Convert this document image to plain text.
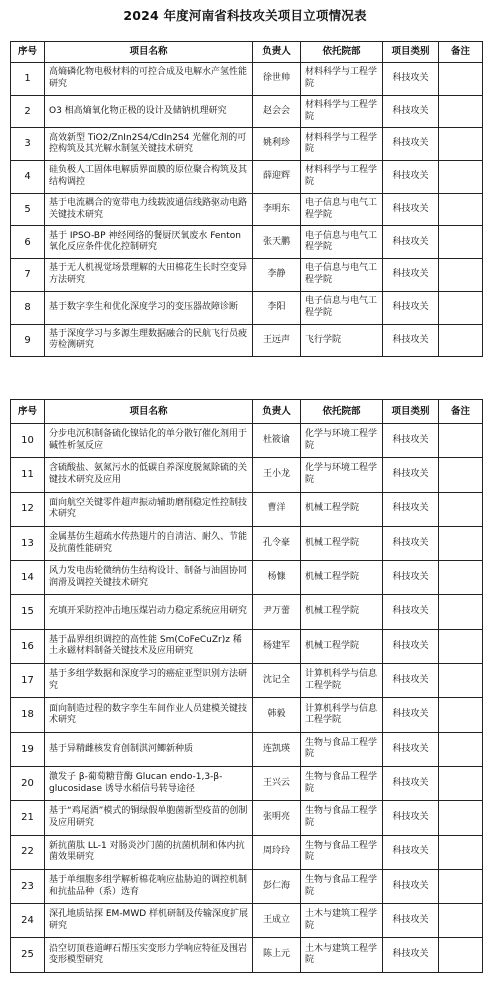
2024 年度河南省科技攻关项目立项情况表
序号	项目名称	负责人	依托院部	项目类别	备注
1	高熵磷化物电极材料的可控合成及电解水产氢性能研究	徐世帅	材料科学与工程学院	科技攻关	
2	O3 相高熵氧化物正极的设计及储钠机理研究	赵会会	材料科学与工程学院	科技攻关	
3	高效新型 TiO2/ZnIn2S4/CdIn2S4 光催化剂的可控构筑及其光解水制氢关键技术研究	姚利珍	材料科学与工程学院	科技攻关	
4	硅负极人工固体电解质界面膜的原位聚合构筑及其结构调控	薛迎辉	材料科学与工程学院	科技攻关	
5	基于电流耦合的宽带电力线载波通信线路驱动电路关键技术研究	李明东	电子信息与电气工程学院	科技攻关	
6	基于 IPSO-BP 神经网络的餐厨厌氧废水 Fenton 氧化反应条件优化控制研究	张天鹏	电子信息与电气工程学院	科技攻关	
7	基于无人机视觉场景理解的大田棉花生长时空变异方法研究	李静	电子信息与电气工程学院	科技攻关	
8	基于数字孪生和优化深度学习的变压器故障诊断	李阳	电子信息与电气工程学院	科技攻关	
9	基于深度学习与多源生理数据融合的民航飞行员疲劳检测研究	王远声	飞行学院	科技攻关	
序号	项目名称	负责人	依托院部	项目类别	备注
10	分步电沉积制备硫化镍钴化的单分散钌催化剂用于碱性析氢反应	杜筱谕	化学与环境工程学院	科技攻关	
11	含硫酸盐、氨氮污水的低碳自养深度脱氮除硫的关键技术研究及应用	王小龙	化学与环境工程学院	科技攻关	
12	面向航空关键零件超声振动辅助磨削稳定性控制技术研究	曹洋	机械工程学院	科技攻关	
13	金属基仿生超疏水传热翅片的自清洁、耐久、节能及抗菌性能研究	孔令豪	机械工程学院	科技攻关	
14	风力发电齿轮微纳仿生结构设计、制备与油固协同润滑及调控关键技术研究	杨慷	机械工程学院	科技攻关	
15	充填开采防控冲击地压煤岩动力稳定系统应用研究	尹万蕾	机械工程学院	科技攻关	
16	基于晶界组织调控的高性能 Sm(CoFeCuZr)z 稀土永磁材料制备关键技术及应用研究	杨建军	机械工程学院	科技攻关	
17	基于多组学数据和深度学习的癌症亚型识别方法研究	沈记全	计算机科学与信息工程学院	科技攻关	
18	面向制造过程的数字孪生车间作业人员建模关键技术研究	韩毅	计算机科学与信息工程学院	科技攻关	
19	基于异精雌核发育创制淇河鲫新种质	连凯瑛	生物与食品工程学院	科技攻关	
20	激发子 β-葡萄糖苷酶 Glucan endo-1,3-β-glucosidase 诱导水稻信号转导途径	王兴云	生物与食品工程学院	科技攻关	
21	基于“鸡尾酒”模式的铜绿假单胞菌新型疫苗的创制及应用研究	张明亮	生物与食品工程学院	科技攻关	
22	新抗菌肽 LL-1 对肠炎沙门菌的抗菌机制和体内抗菌效果研究	周玲玲	生物与食品工程学院	科技攻关	
23	基于单细胞多组学解析棉花响应盐胁迫的调控机制和抗盐品种（系）选育	彭仁海	生物与食品工程学院	科技攻关	
24	深孔地质钻探 EM-MWD 样机研制及传输深度扩展研究	王成立	土木与建筑工程学院	科技攻关	
25	沿空切顶巷道岬石帮压实变形力学响应特征及围岩变形模型研究	陈上元	土木与建筑工程学院	科技攻关	
